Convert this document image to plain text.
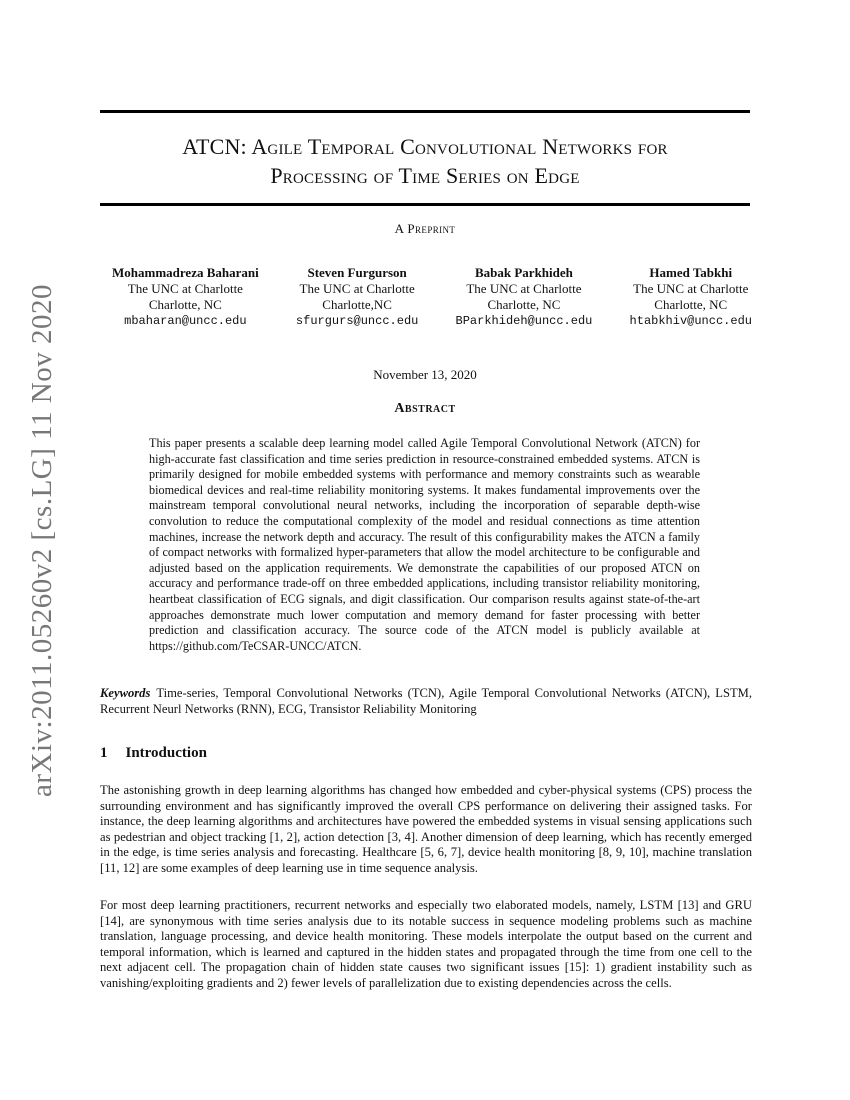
arXiv:2011.05260v2 [cs.LG] 11 Nov 2020
ATCN: Agile Temporal Convolutional Networks for
Processing of Time Series on Edge
A Preprint
Mohammadreza Baharani
The UNC at Charlotte
Charlotte, NC
mbaharan@uncc.edu
Steven Furgurson
The UNC at Charlotte
Charlotte,NC
sfurgurs@uncc.edu
Babak Parkhideh
The UNC at Charlotte
Charlotte, NC
BParkhideh@uncc.edu
Hamed Tabkhi
The UNC at Charlotte
Charlotte, NC
htabkhiv@uncc.edu
November 13, 2020
Abstract
This paper presents a scalable deep learning model called Agile Temporal Convolutional Network (ATCN) for high-accurate fast classification and time series prediction in resource-constrained embedded systems. ATCN is primarily designed for mobile embedded systems with performance and memory constraints such as wearable biomedical devices and real-time reliability monitoring systems. It makes fundamental improvements over the mainstream temporal convolutional neural networks, including the incorporation of separable depth-wise convolution to reduce the computational complexity of the model and residual connections as time attention machines, increase the network depth and accuracy. The result of this configurability makes the ATCN a family of compact networks with formalized hyper-parameters that allow the model architecture to be configurable and adjusted based on the application requirements. We demonstrate the capabilities of our proposed ATCN on accuracy and performance trade-off on three embedded applications, including transistor reliability monitoring, heartbeat classification of ECG signals, and digit classification. Our comparison results against state-of-the-art approaches demonstrate much lower computation and memory demand for faster processing with better prediction and classification accuracy. The source code of the ATCN model is publicly available at https://github.com/TeCSAR-UNCC/ATCN.
Keywords Time-series, Temporal Convolutional Networks (TCN), Agile Temporal Convolutional Networks (ATCN), LSTM, Recurrent Neurl Networks (RNN), ECG, Transistor Reliability Monitoring
1 Introduction
The astonishing growth in deep learning algorithms has changed how embedded and cyber-physical systems (CPS) process the surrounding environment and has significantly improved the overall CPS performance on delivering their assigned tasks. For instance, the deep learning algorithms and architectures have powered the embedded systems in visual sensing applications such as pedestrian and object tracking [1, 2], action detection [3, 4]. Another dimension of deep learning, which has recently emerged in the edge, is time series analysis and forecasting. Healthcare [5, 6, 7], device health monitoring [8, 9, 10], machine translation [11, 12] are some examples of deep learning use in time sequence analysis.
For most deep learning practitioners, recurrent networks and especially two elaborated models, namely, LSTM [13] and GRU [14], are synonymous with time series analysis due to its notable success in sequence modeling problems such as machine translation, language processing, and device health monitoring. These models interpolate the output based on the current and temporal information, which is learned and captured in the hidden states and propagated through the time from one cell to the next adjacent cell. The propagation chain of hidden state causes two significant issues [15]: 1) gradient instability such as vanishing/exploiting gradients and 2) fewer levels of parallelization due to existing dependencies across the cells.
